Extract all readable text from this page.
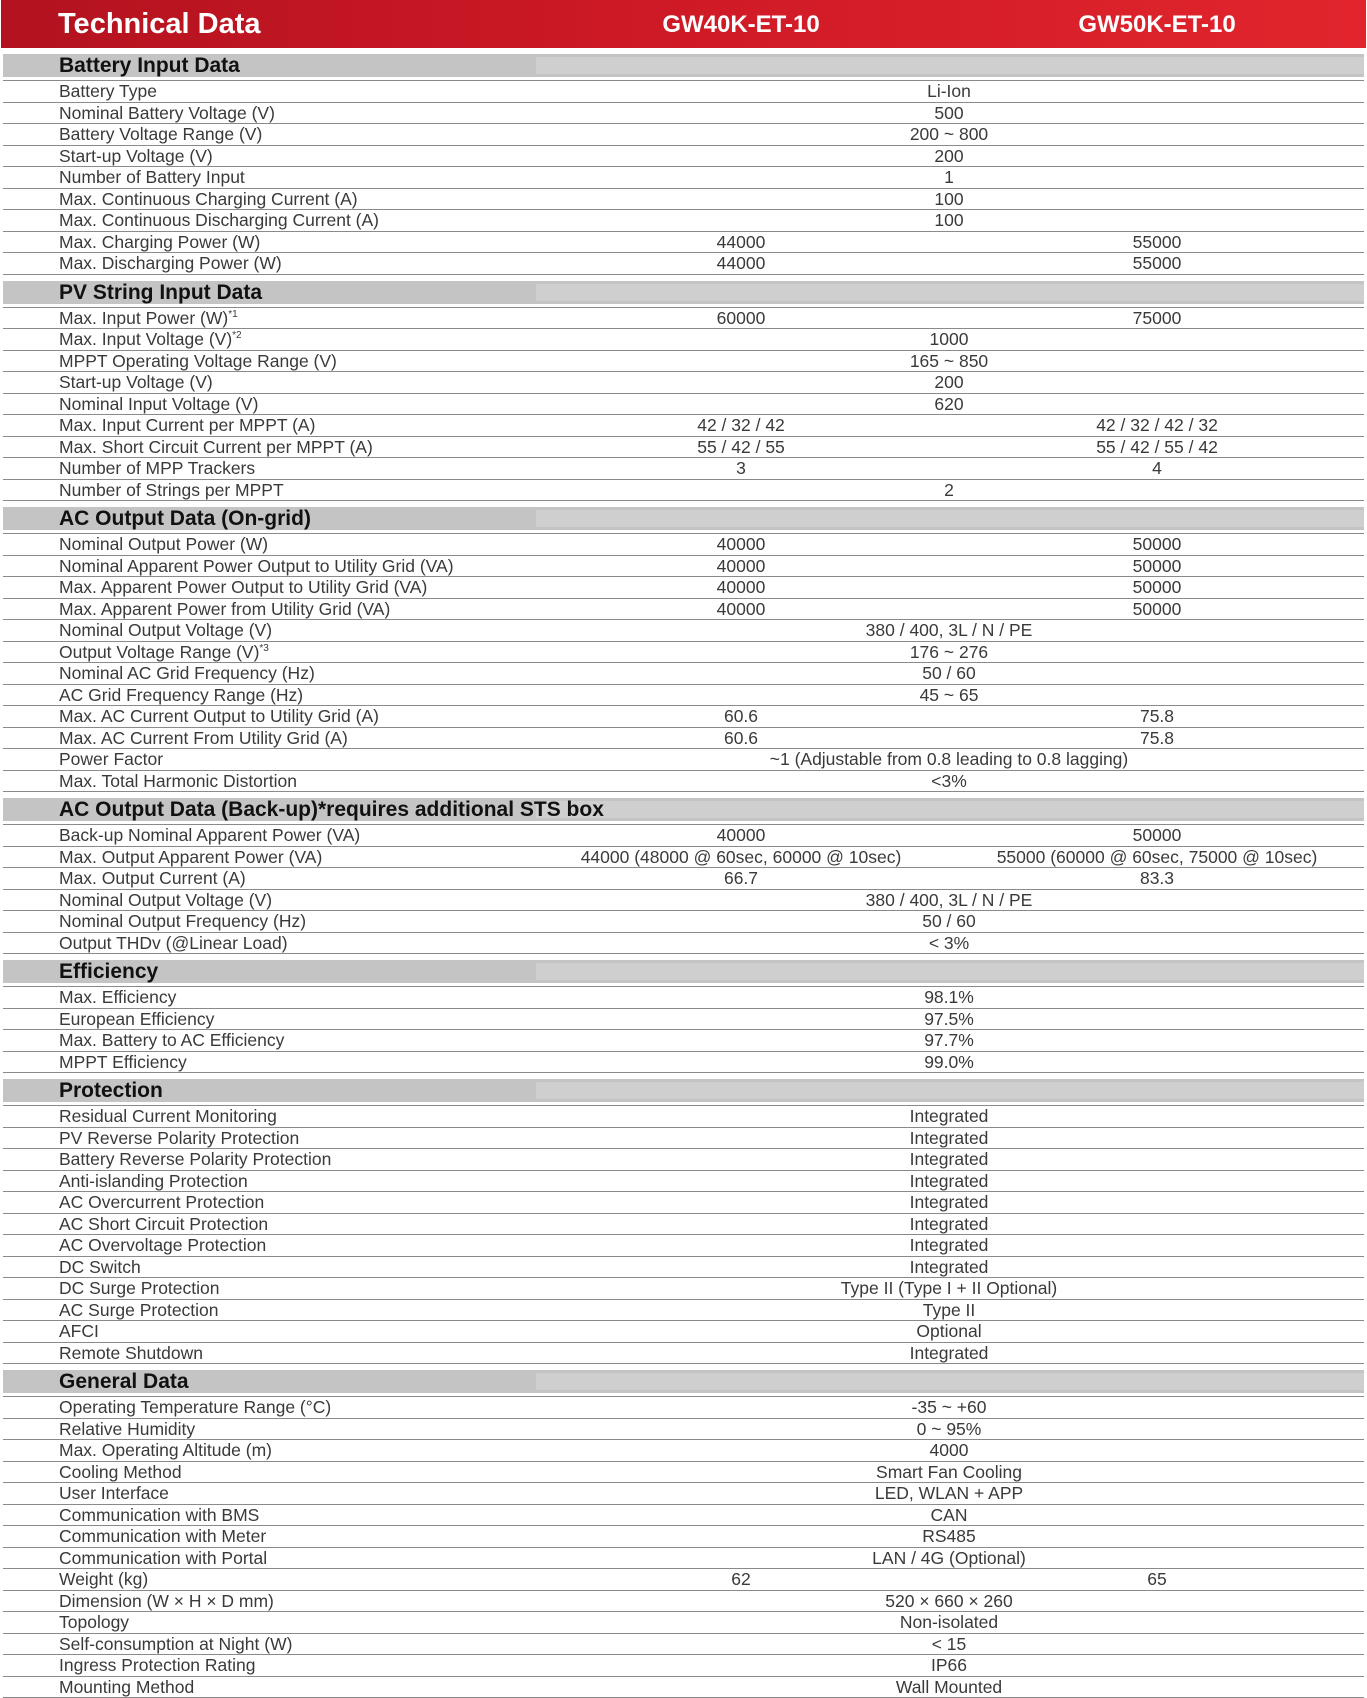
Technical Data	GW40K-ET-10	GW50K-ET-10
Battery Input Data
Battery Type	Li-Ion
Nominal Battery Voltage (V)	500
Battery Voltage Range (V)	200 ~ 800
Start-up Voltage (V)	200
Number of Battery Input	1
Max. Continuous Charging Current (A)	100
Max. Continuous Discharging Current (A)	100
Max. Charging Power (W)	44000	55000
Max. Discharging Power (W)	44000	55000
PV String Input Data
Max. Input Power $(W)^{*1}$	60000	75000
Max. Input Voltage $(V)^{*2}$	1000
MPPT Operating Voltage Range (V)	165 ~ 850
Start-up Voltage (V)	200
Nominal Input Voltage (V)	620
Max. Input Current per MPPT (A)	42 / 32 / 42	42 / 32 / 42 / 32
Max. Short Circuit Current per MPPT (A)	55 / 42 / 55	55 / 42 / 55 / 42
Number of MPP Trackers	3	4
Number of Strings per MPPT	2
AC Output Data (On-grid)
Nominal Output Power (W)	40000	50000
Nominal Apparent Power Output to Utility Grid (VA)	40000	50000
Max. Apparent Power Output to Utility Grid (VA)	40000	50000
Max. Apparent Power from Utility Grid (VA)	40000	50000
Nominal Output Voltage (V)	380 / 400, 3L / N / PE
Output Voltage Range $(V)^{*3}$	176 ~ 276
Nominal AC Grid Frequency (Hz)	50 / 60
AC Grid Frequency Range (Hz)	45 ~ 65
Max. AC Current Output to Utility Grid (A)	60.6	75.8
Max. AC Current From Utility Grid (A)	60.6	75.8
Power Factor	~1 (Adjustable from 0.8 leading to 0.8 lagging)
Max. Total Harmonic Distortion	<3%
AC Output Data (Back-up)*requires additional STS box
Back-up Nominal Apparent Power (VA)	40000	50000
Max. Output Apparent Power (VA)	44000 (48000 @ 60sec, 60000 @ 10sec)	55000 (60000 @ 60sec, 75000 @ 10sec)
Max. Output Current (A)	66.7	83.3
Nominal Output Voltage (V)	380 / 400, 3L / N / PE
Nominal Output Frequency (Hz)	50 / 60
Output THDv (@Linear Load)	< 3%
Efficiency
Max. Efficiency	98.1%
European Efficiency	97.5%
Max. Battery to AC Efficiency	97.7%
MPPT Efficiency	99.0%
Protection
Residual Current Monitoring	Integrated
PV Reverse Polarity Protection	Integrated
Battery Reverse Polarity Protection	Integrated
Anti-islanding Protection	Integrated
AC Overcurrent Protection	Integrated
AC Short Circuit Protection	Integrated
AC Overvoltage Protection	Integrated
DC Switch	Integrated
DC Surge Protection	Type II (Type I + II Optional)
AC Surge Protection	Type II
AFCI	Optional
Remote Shutdown	Integrated
General Data
Operating Temperature Range (°C)	-35 ~ +60
Relative Humidity	0 ~ 95%
Max. Operating Altitude (m)	4000
Cooling Method	Smart Fan Cooling
User Interface	LED, WLAN + APP
Communication with BMS	CAN
Communication with Meter	RS485
Communication with Portal	LAN / 4G (Optional)
Weight (kg)	62	65
Dimension (W × H × D mm)	520 × 660 × 260
Topology	Non-isolated
Self-consumption at Night (W)	< 15
Ingress Protection Rating	IP66
Mounting Method	Wall Mounted
